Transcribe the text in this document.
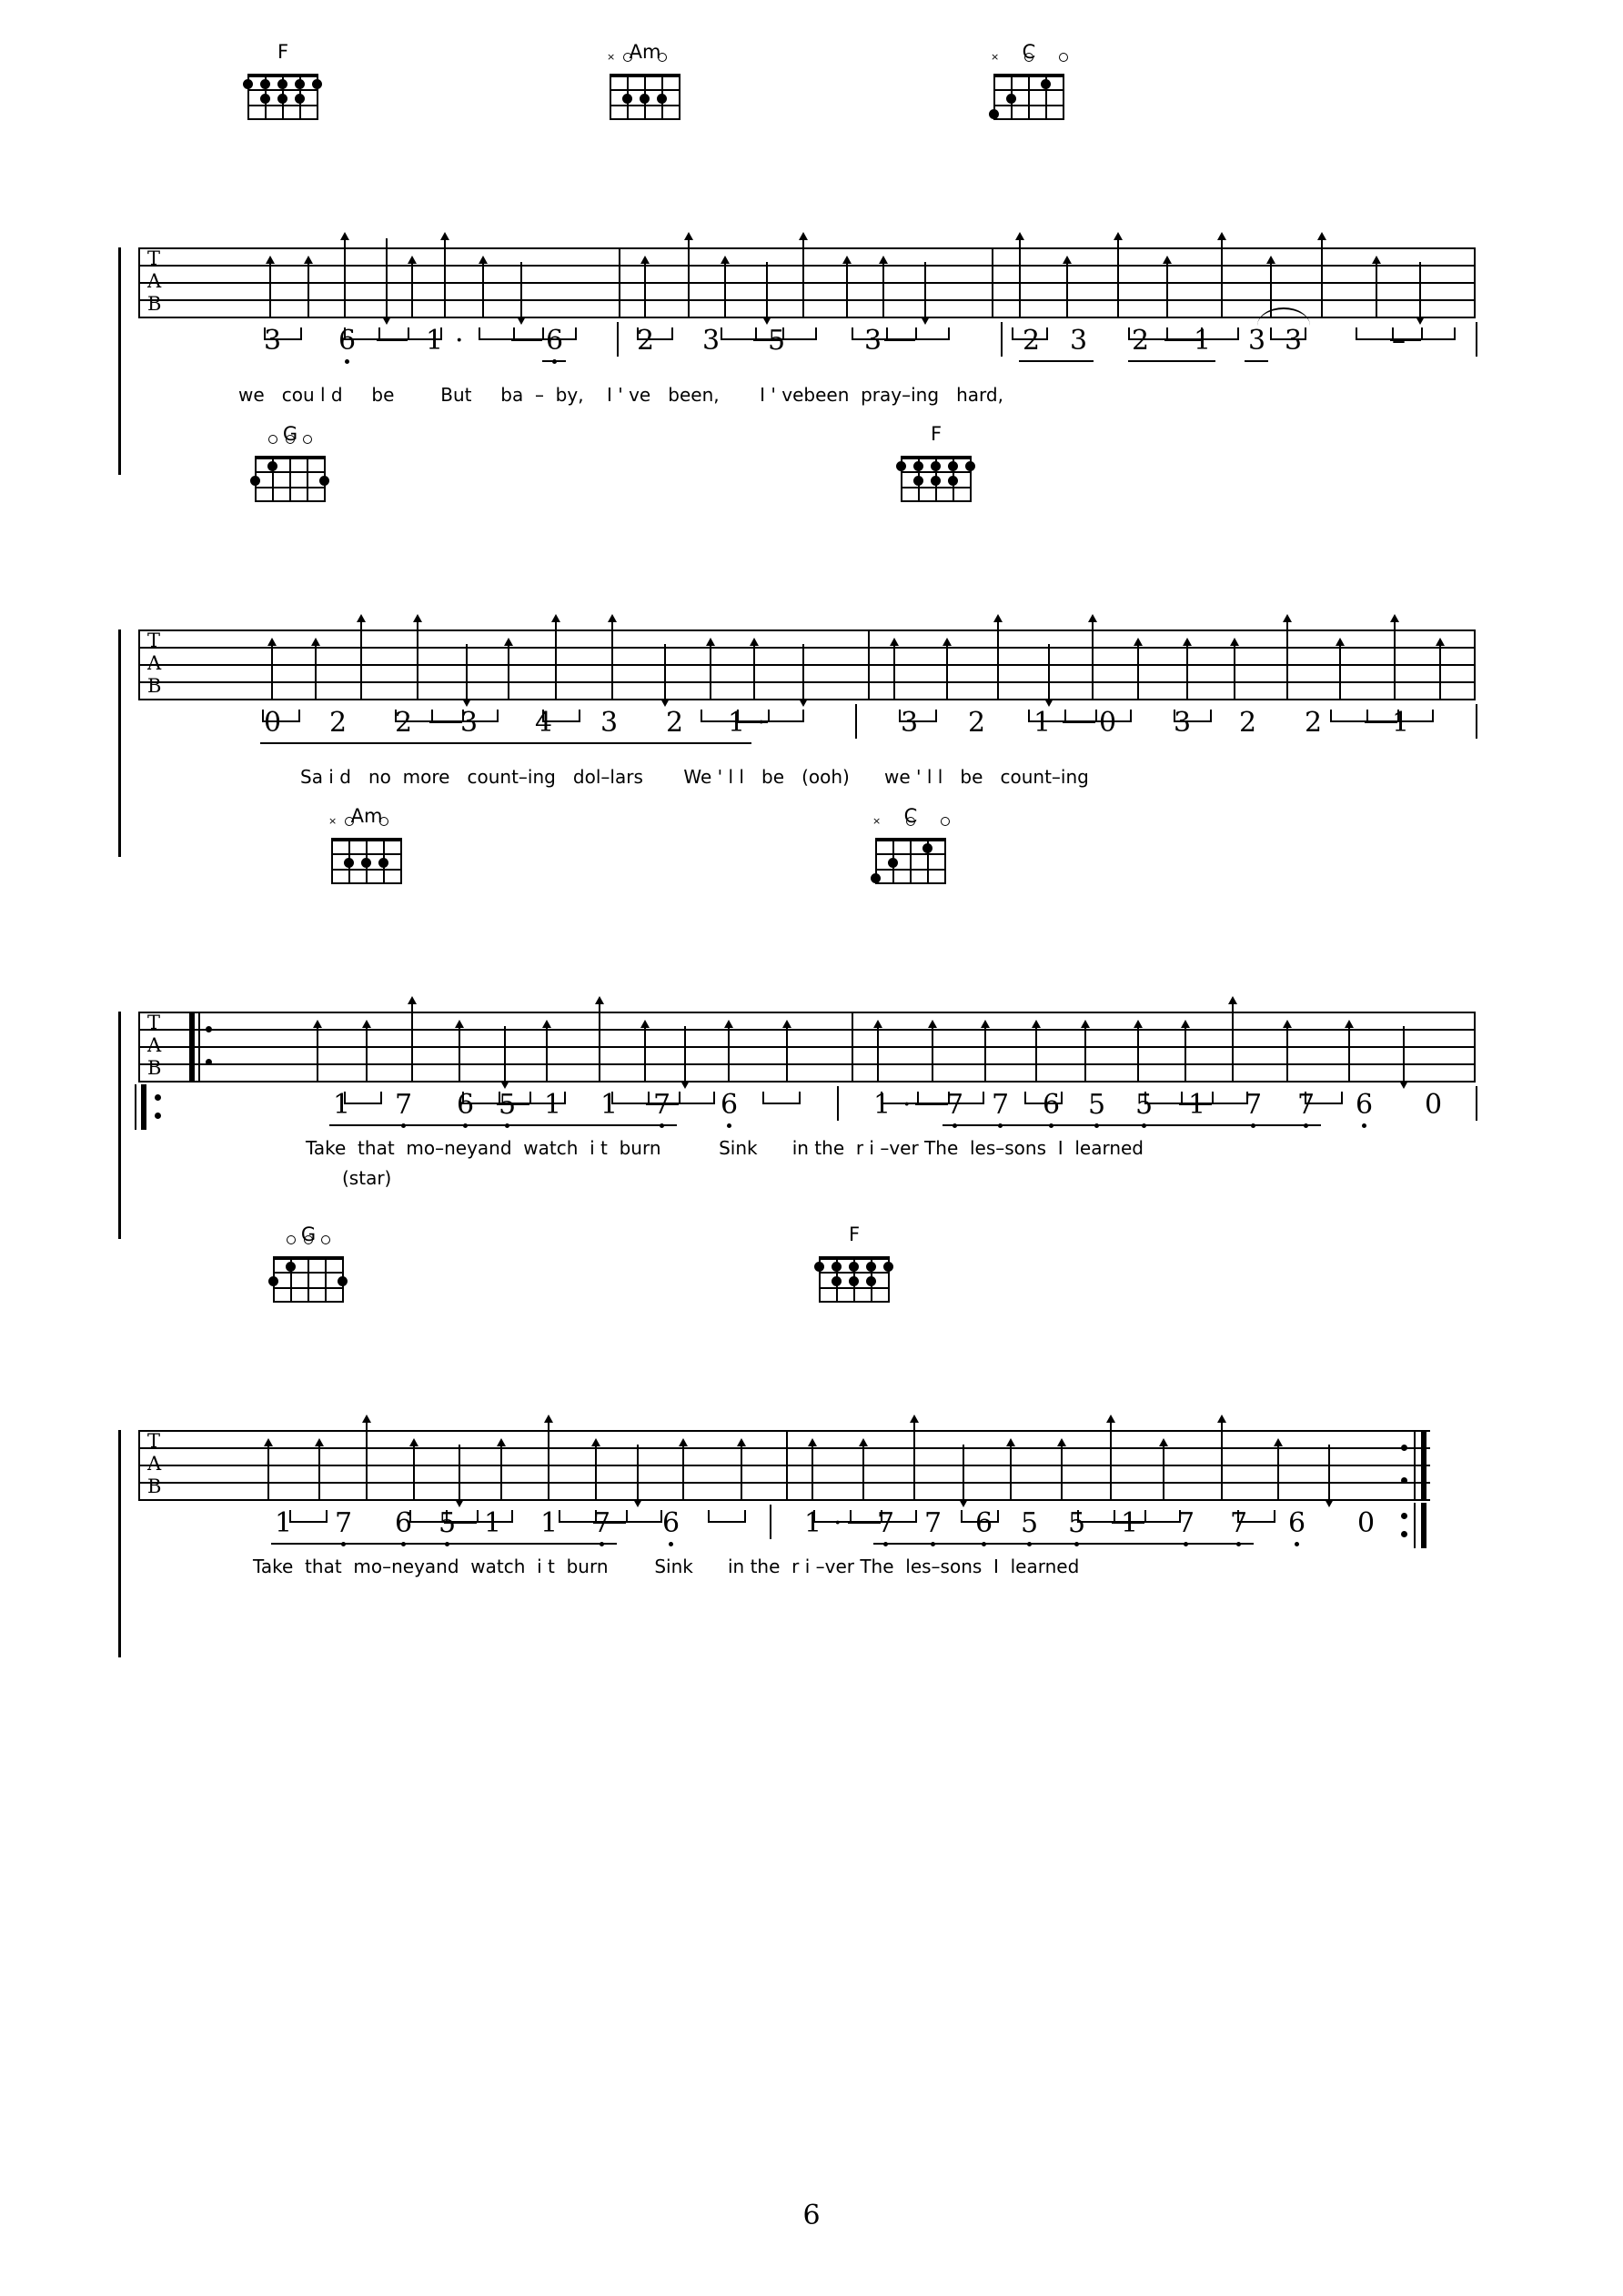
F	Am
×	C
×
T
A
B
3 6	1 ·	6	2 3 5	3	2 3 2 1 3 3	–
we   cou l d     be        But     ba  –  by,    I ' ve   been,       I ' vebeen  pray–ing   hard,
G	F
T
A
B
0 2 2 3 4 3 2 1 ·	3 2 1 0 3 2 2	1
Sa i d   no  more   count–ing   dol–lars       We ' l l   be   (ooh)      we ' l l   be   count–ing
Am
×	C
×
T
A
B
1 7 6 5 1 1 7 6	1 · 7 7 6 5 5 1 7 7 6 0
Take  that  mo–neyand  watch  i t  burn          Sink      in the  r i –ver The  les–sons  I  learned
(star)
G	F
T
A
B
1 7 6 5 1 1 7 6	1 · 7 7 6 5 5 1 7 7 6 0
Take  that  mo–neyand  watch  i t  burn        Sink      in the  r i –ver The  les–sons  I  learned
6
